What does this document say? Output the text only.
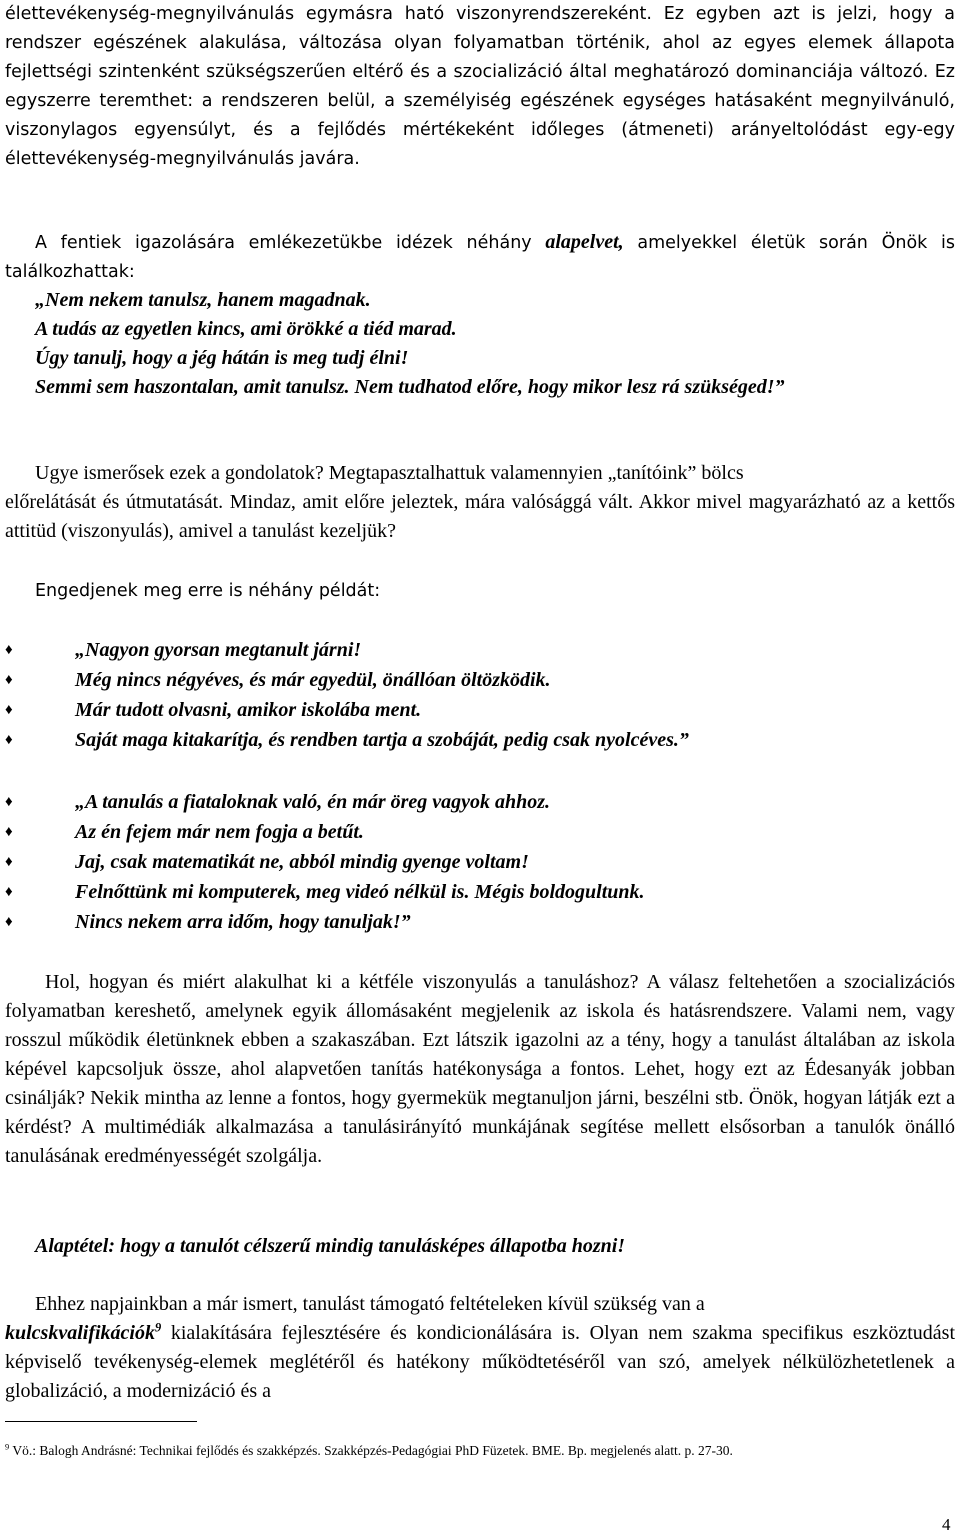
élettevékenység-megnyilvánulás egymásra ható viszonyrendszereként. Ez egyben azt is jelzi, hogy a rendszer egészének alakulása, változása olyan folyamatban történik, ahol az egyes elemek állapota fejlettségi szintenként szükségszerűen eltérő és a szocializáció által meghatározó dominanciája változó. Ez egyszerre teremthet: a rendszeren belül, a személyiség egészének egységes hatásaként megnyilvánuló, viszonylagos egyensúlyt, és a fejlődés mértékeként időleges (átmeneti) arányeltolódást egy-egy élettevékenység-megnyilvánulás javára.

A fentiek igazolására emlékezetükbe idézek néhány alapelvet, amelyekkel életük során Önök is találkozhattak:

„Nem nekem tanulsz, hanem magadnak.
A tudás az egyetlen kincs, ami örökké a tiéd marad.
Úgy tanulj, hogy a jég hátán is meg tudj élni!
Semmi sem haszontalan, amit tanulsz. Nem tudhatod előre, hogy mikor lesz rá szükséged!”

Ugye ismerősek ezek a gondolatok? Megtapasztalhattuk valamennyien „tanítóink” bölcs
előrelátását és útmutatását. Mindaz, amit előre jeleztek, mára valósággá vált. Akkor mivel magyarázható az a kettős attitüd (viszonyulás), amivel a tanulást kezeljük?

Engedjenek meg erre is néhány példát:

♦	„Nagyon gyorsan megtanult járni!
♦	Még nincs négyéves, és már egyedül, önállóan öltözködik.
♦	Már tudott olvasni, amikor iskolába ment.
♦	Saját maga kitakarítja, és rendben tartja a szobáját, pedig csak nyolcéves.”
♦	„A tanulás a fiataloknak való, én már öreg vagyok ahhoz.
♦	Az én fejem már nem fogja a betűt.
♦	Jaj, csak matematikát ne, abból mindig gyenge voltam!
♦	Felnőttünk mi komputerek, meg videó nélkül is. Mégis boldogultunk.
♦	Nincs nekem arra időm, hogy tanuljak!”

Hol, hogyan és miért alakulhat ki a kétféle viszonyulás a tanuláshoz? A válasz feltehetően a szocializációs folyamatban kereshető, amelynek egyik állomásaként megjelenik az iskola és hatásrendszere. Valami nem, vagy rosszul működik életünknek ebben a szakaszában. Ezt látszik igazolni az a tény, hogy a tanulást általában az iskola képével kapcsoljuk össze, ahol alapvetően tanítás hatékonysága a fontos. Lehet, hogy ezt az Édesanyák jobban csinálják? Nekik mintha az lenne a fontos, hogy gyermekük megtanuljon járni, beszélni stb. Önök, hogyan látják ezt a kérdést? A multimédiák alkalmazása a tanulásirányító munkájának segítése mellett elsősorban a tanulók önálló tanulásának eredményességét szolgálja.

Alaptétel: hogy a tanulót célszerű mindig tanulásképes állapotba hozni!

Ehhez napjainkban a már ismert, tanulást támogató feltételeken kívül szükség van a
kulcskvalifikációk$^9$ kialakítására fejlesztésére és kondicionálására is. Olyan nem szakma specifikus eszköztudást képviselő tevékenység-elemek meglétéről és hatékony működtetéséről van szó, amelyek nélkülözhetetlenek a globalizáció, a modernizáció és a

$^9$ Vö.: Balogh Andrásné: Technikai fejlődés és szakképzés. Szakképzés-Pedagógiai PhD Füzetek. BME. Bp. megjelenés alatt. p. 27-30.
4
